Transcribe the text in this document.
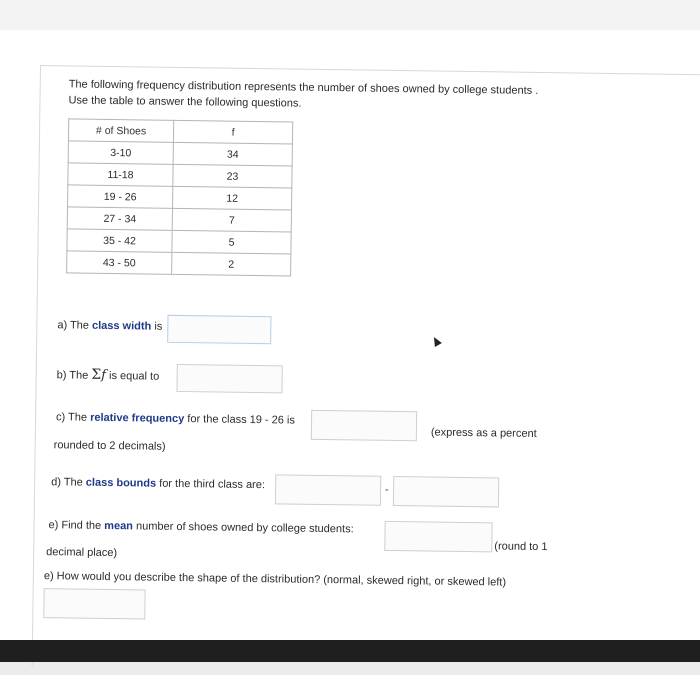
The following frequency distribution represents the number of shoes owned by college students .
Use the table to answer the following questions.
# of Shoes	f
3-10	34
11-18	23
19 - 26	12
27 - 34	7
35 - 42	5
43 - 50	2
a) The class width is
b) The Σf is equal to
c) The relative frequency for the class 19 - 26 is
(express as a percent
rounded to 2 decimals)
d) The class bounds for the third class are:	-
e) Find the mean number of shoes owned by college students:
(round to 1
decimal place)
e) How would you describe the shape of the distribution? (normal, skewed right, or skewed left)
